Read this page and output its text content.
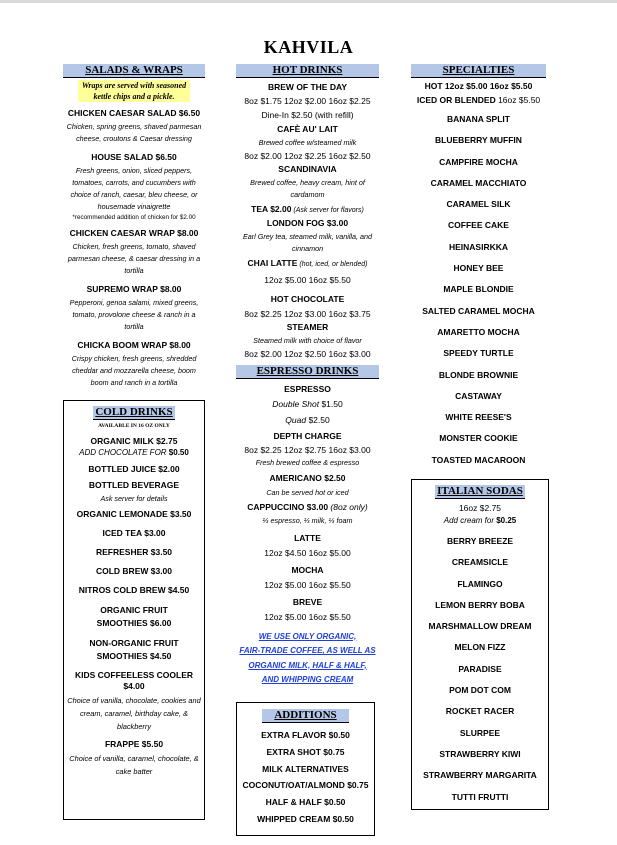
KAHVILA
SALADS & WRAPS
Wraps are served with seasoned kettle chips and a pickle.
CHICKEN CAESAR SALAD $6.50
Chicken, spring greens, shaved parmesan cheese, croutons & Caesar dressing
HOUSE SALAD $6.50
Fresh greens, onion, sliced peppers, tomatoes, carrots, and cucumbers with choice of ranch, caesar, bleu cheese, or housemade vinaigrette
*recommended addition of chicken for $2.00
CHICKEN CAESAR WRAP $8.00
Chicken, fresh greens, tomato, shaved parmesan cheese, & caesar dressing in a tortilla
SUPREMO WRAP $8.00
Pepperoni, genoa salami, mixed greens, tomato, provolone cheese & ranch in a tortilla
CHICKA BOOM WRAP $8.00
Crispy chicken, fresh greens, shredded cheddar and mozzarella cheese, boom boom and ranch in a tortilla
COLD DRINKS
AVAILABLE IN 16 OZ ONLY
ORGANIC MILK $2.75
ADD CHOCOLATE FOR $0.50
BOTTLED JUICE $2.00
BOTTLED BEVERAGE
Ask server for details
ORGANIC LEMONADE $3.50
ICED TEA $3.00
REFRESHER $3.50
COLD BREW $3.00
NITROS COLD BREW $4.50
ORGANIC FRUIT
SMOOTHIES $6.00
NON-ORGANIC FRUIT
SMOOTHIES $4.50
KIDS COFFEELESS COOLER $4.00
Choice of vanilla, chocolate, cookies and cream, caramel, birthday cake, & blackberry
FRAPPE $5.50
Choice of vanilla, caramel, chocolate, & cake batter
HOT DRINKS
BREW OF THE DAY
8oz $1.75 12oz $2.00 16oz $2.25
Dine-In $2.50 (with refill)
CAFÈ AU' LAIT
Brewed coffee w/steamed milk
8oz $2.00 12oz $2.25 16oz $2.50
SCANDINAVIA
Brewed coffee, heavy cream, hint of cardamom
TEA $2.00 (Ask server for flavors)
LONDON FOG $3.00
Earl Grey tea, steamed milk, vanilla, and cinnamon
CHAI LATTE (hot, iced, or blended)
12oz $5.00 16oz $5.50
HOT CHOCOLATE
8oz $2.25 12oz $3.00 16oz $3.75
STEAMER
Steamed milk with choice of flavor
8oz $2.00 12oz $2.50 16oz $3.00
ESPRESSO DRINKS
ESPRESSO
Double Shot $1.50
Quad $2.50
DEPTH CHARGE
8oz $2.25 12oz $2.75 16oz $3.00
Fresh brewed coffee & espresso
AMERICANO $2.50
Can be served hot or iced
CAPPUCCINO $3.00 (8oz only)
⅓ espresso, ⅓ milk, ⅓ foam
LATTE
12oz $4.50 16oz $5.00
MOCHA
12oz $5.00 16oz $5.50
BREVE
12oz $5.00 16oz $5.50
WE USE ONLY ORGANIC,
FAIR-TRADE COFFEE, AS WELL AS
ORGANIC MILK, HALF & HALF,
AND WHIPPING CREAM
ADDITIONS
EXTRA FLAVOR $0.50
EXTRA SHOT $0.75
MILK ALTERNATIVES
COCONUT/OAT/ALMOND $0.75
HALF & HALF $0.50
WHIPPED CREAM $0.50
SPECIALTIES
HOT 12oz $5.00 16oz $5.50
ICED OR BLENDED 16oz $5.50
BANANA SPLIT
BLUEBERRY MUFFIN
CAMPFIRE MOCHA
CARAMEL MACCHIATO
CARAMEL SILK
COFFEE CAKE
HEINASIRKKA
HONEY BEE
MAPLE BLONDIE
SALTED CARAMEL MOCHA
AMARETTO MOCHA
SPEEDY TURTLE
BLONDE BROWNIE
CASTAWAY
WHITE REESE'S
MONSTER COOKIE
TOASTED MACAROON
ITALIAN SODAS
16oz $2.75
Add cream for $0.25
BERRY BREEZE
CREAMSICLE
FLAMINGO
LEMON BERRY BOBA
MARSHMALLOW DREAM
MELON FIZZ
PARADISE
POM DOT COM
ROCKET RACER
SLURPEE
STRAWBERRY KIWI
STRAWBERRY MARGARITA
TUTTI FRUTTI
